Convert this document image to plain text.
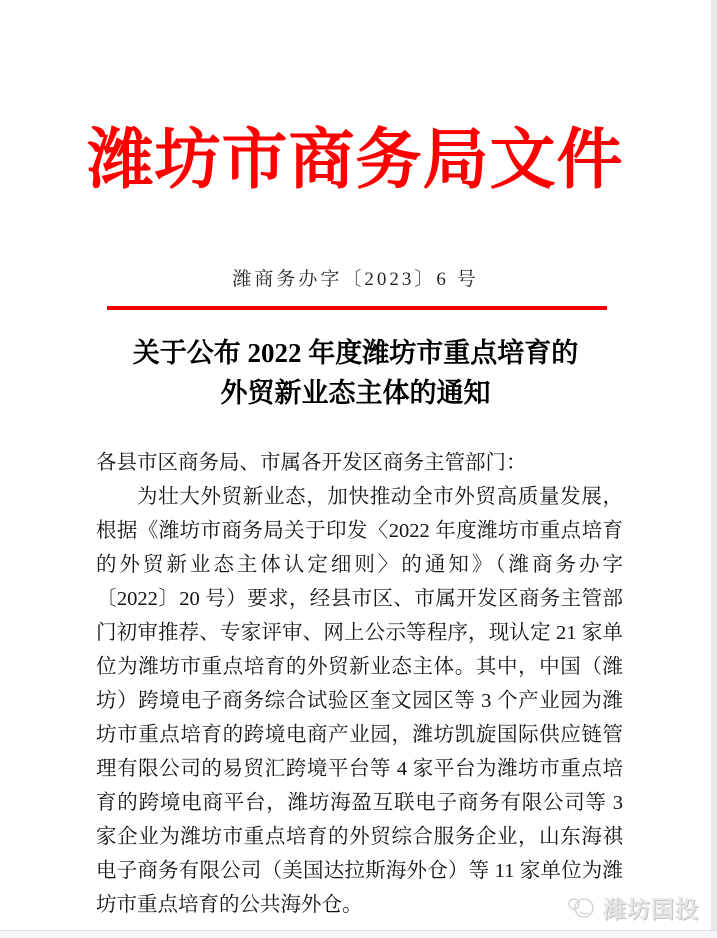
潍坊市商务局文件
潍商务办字〔2023〕6 号
关于公布 2022 年度潍坊市重点培育的
外贸新业态主体的通知

各县市区商务局、市属各开发区商务主管部门：

为壮大外贸新业态，加快推动全市外贸高质量发展，根据《潍坊市商务局关于印发〈2022 年度潍坊市重点培育的外贸新业态主体认定细则〉的通知》（潍商务办字〔2022〕20 号）要求，经县市区、市属开发区商务主管部门初审推荐、专家评审、网上公示等程序，现认定 21 家单位为潍坊市重点培育的外贸新业态主体。其中，中国（潍坊）跨境电子商务综合试验区奎文园区等 3 个产业园为潍坊市重点培育的跨境电商产业园，潍坊凯旋国际供应链管理有限公司的易贸汇跨境平台等 4 家平台为潍坊市重点培育的跨境电商平台，潍坊海盈互联电子商务有限公司等 3 家企业为潍坊市重点培育的外贸综合服务企业，山东海祺电子商务有限公司（美国达拉斯海外仓）等 11 家单位为潍坊市重点培育的公共海外仓。	潍坊国投
